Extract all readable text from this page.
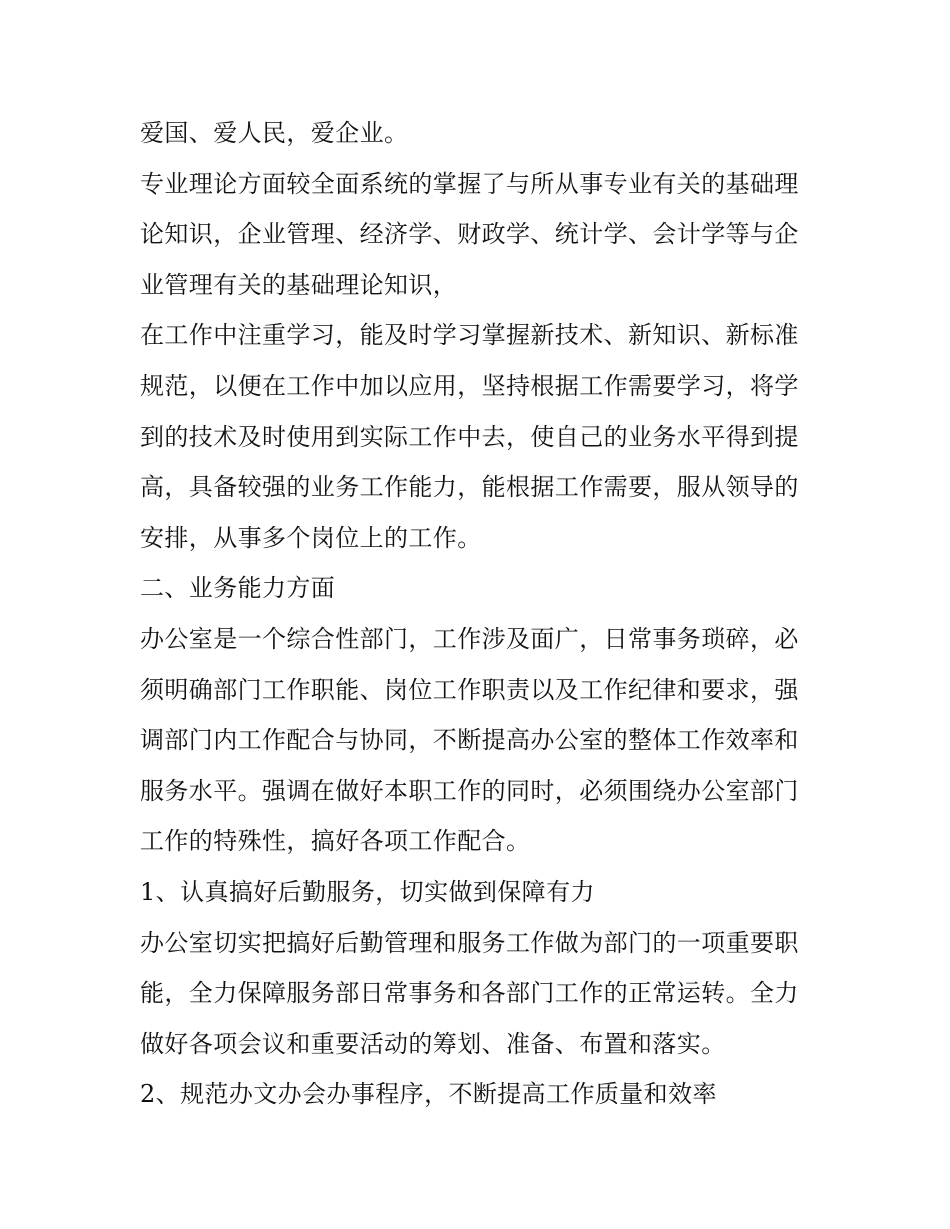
爱国、爱人民，爱企业。
专业理论方面较全面系统的掌握了与所从事专业有关的基础理
论知识，企业管理、经济学、财政学、统计学、会计学等与企
业管理有关的基础理论知识，
在工作中注重学习，能及时学习掌握新技术、新知识、新标准
规范，以便在工作中加以应用，坚持根据工作需要学习，将学
到的技术及时使用到实际工作中去，使自己的业务水平得到提
高，具备较强的业务工作能力，能根据工作需要，服从领导的
安排，从事多个岗位上的工作。
二、业务能力方面
办公室是一个综合性部门，工作涉及面广，日常事务琐碎，必
须明确部门工作职能、岗位工作职责以及工作纪律和要求，强
调部门内工作配合与协同，不断提高办公室的整体工作效率和
服务水平。强调在做好本职工作的同时，必须围绕办公室部门
工作的特殊性，搞好各项工作配合。
1、认真搞好后勤服务，切实做到保障有力
办公室切实把搞好后勤管理和服务工作做为部门的一项重要职
能，全力保障服务部日常事务和各部门工作的正常运转。全力
做好各项会议和重要活动的筹划、准备、布置和落实。
2、规范办文办会办事程序，不断提高工作质量和效率
